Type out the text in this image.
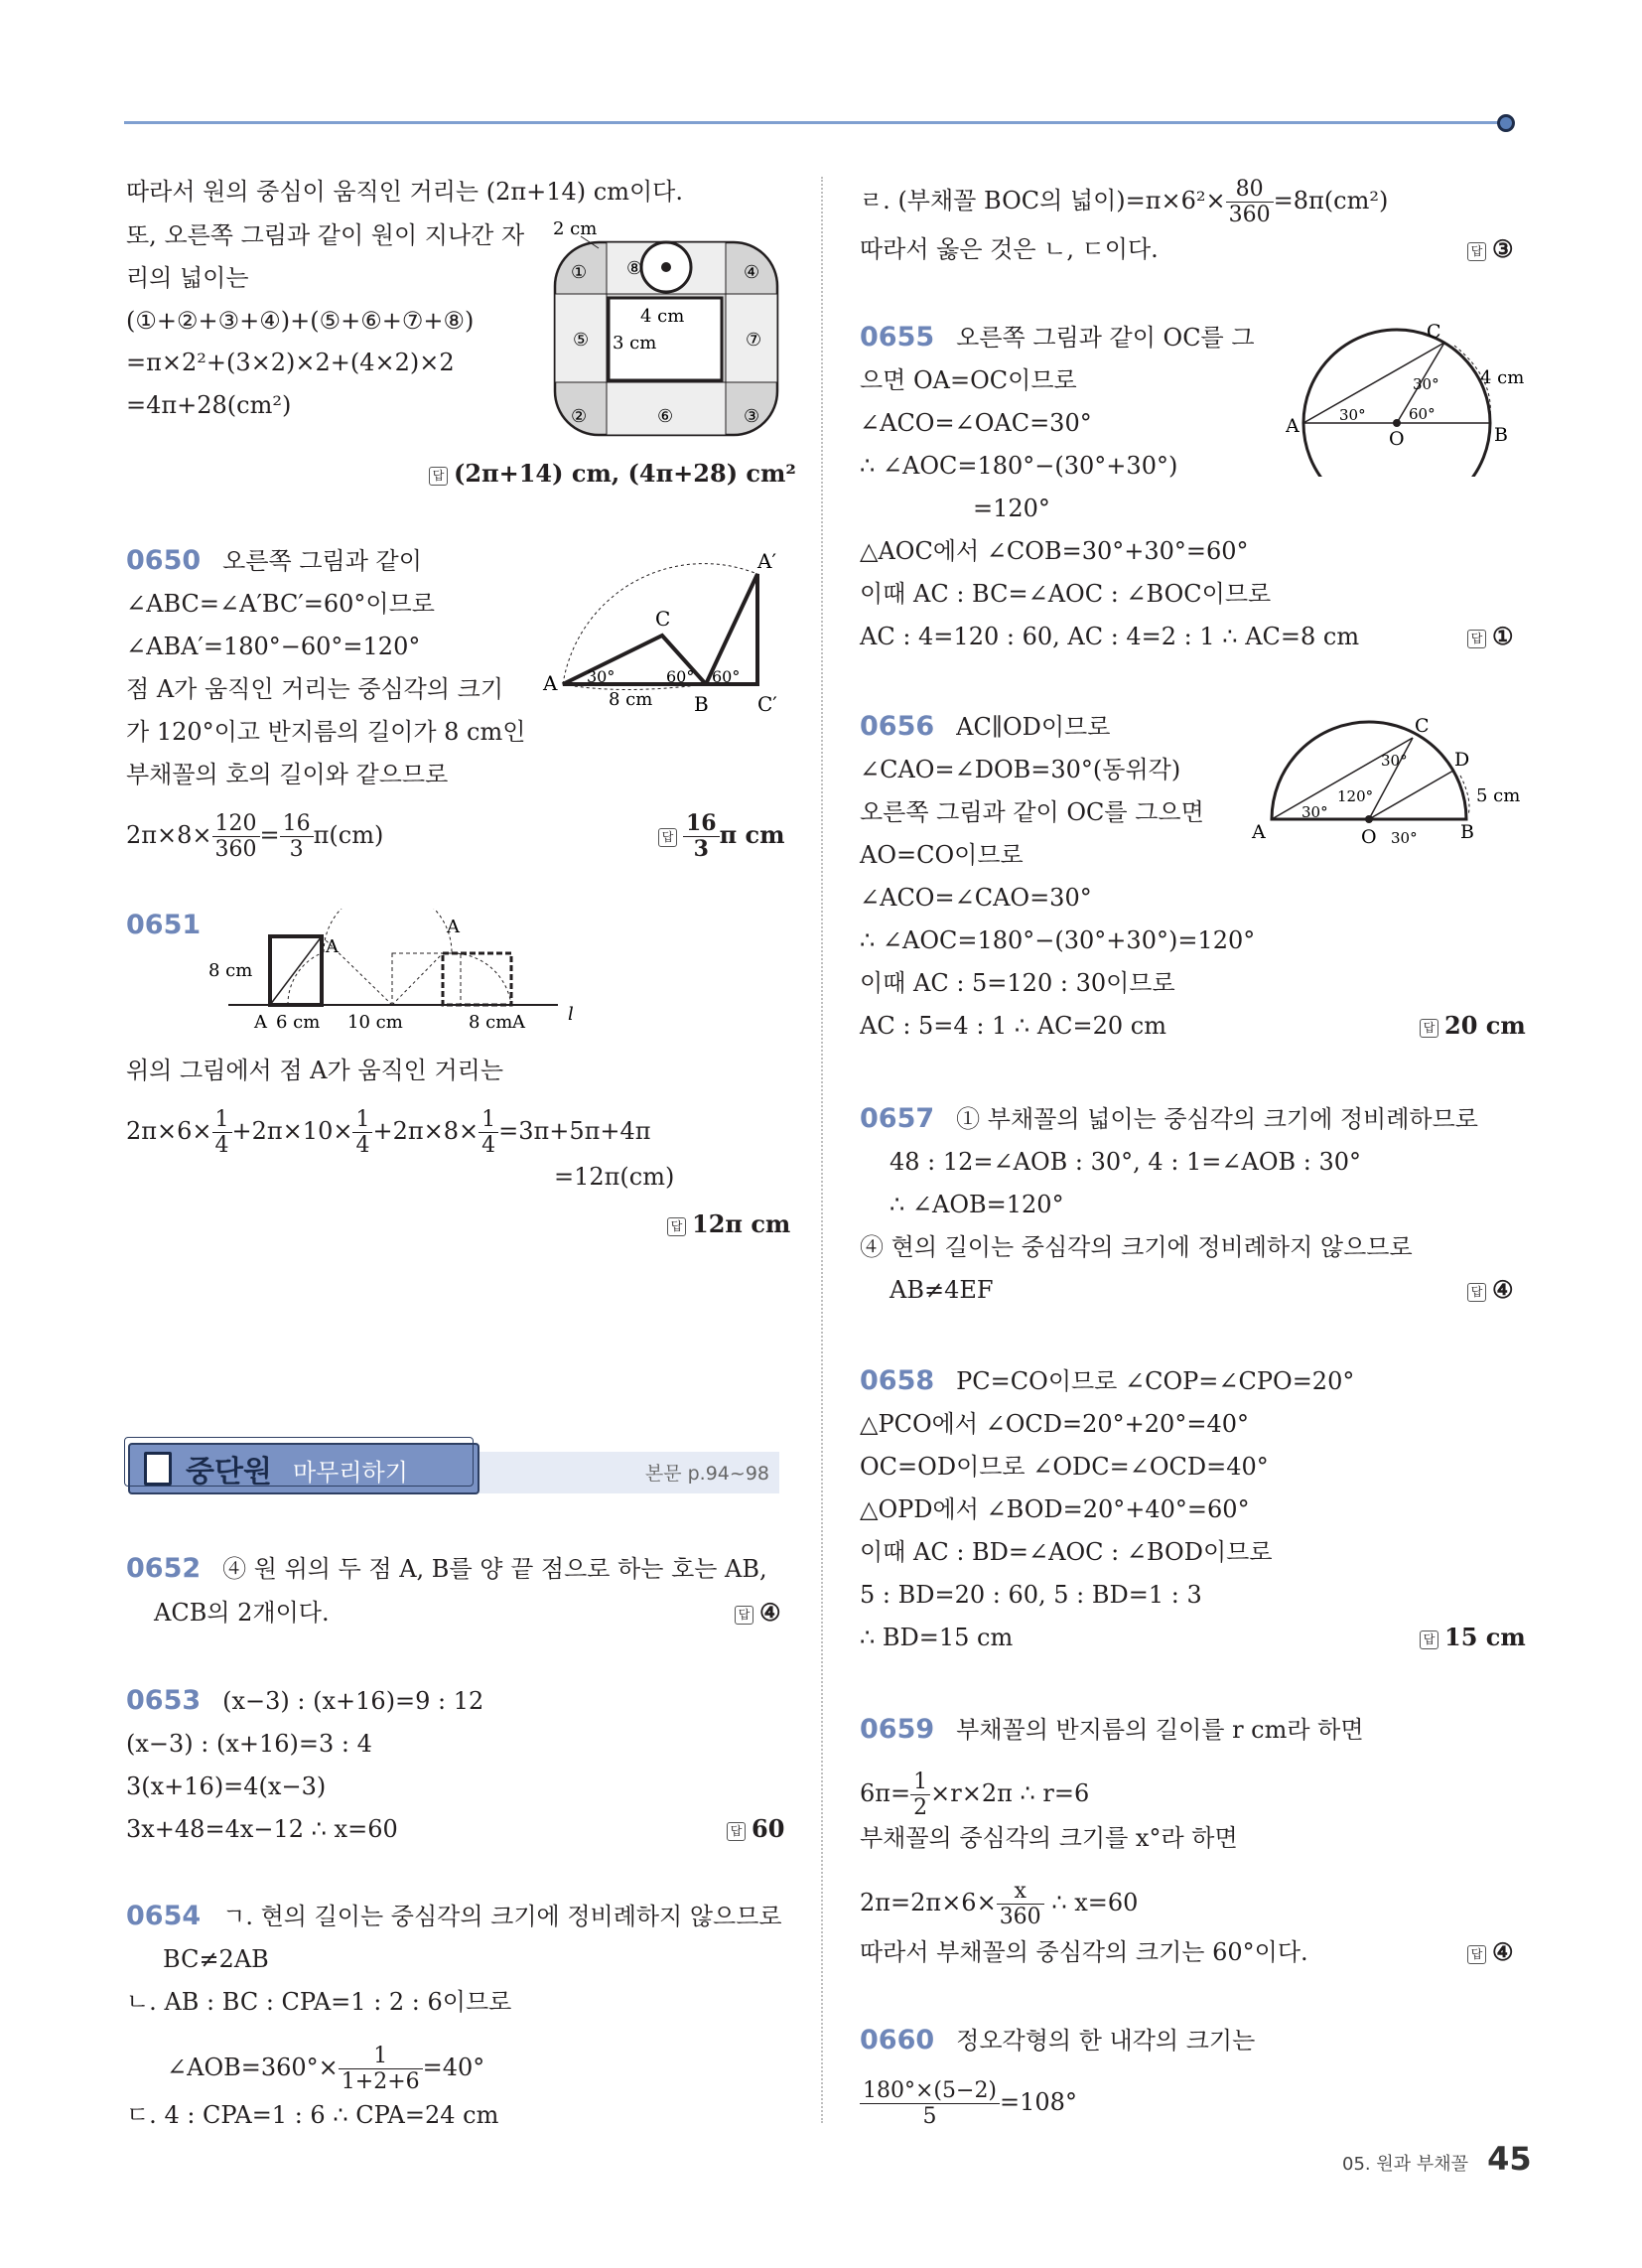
따라서 원의 중심이 움직인 거리는 (2π+14) cm이다.
또, 오른쪽 그림과 같이 원이 지나간 자
리의 넓이는
(①+②+③+④)+(⑤+⑥+⑦+⑧)
=π×2²+(3×2)×2+(4×2)×2
=4π+28(cm²)
답 (2π+14) cm, (4π+28) cm²
2 cm
①
②	③
④
⑤
⑥
⑦
⑧
4 cm
3 cm
0650 오른쪽 그림과 같이
∠ABC=∠A′BC′=60°이므로
∠ABA′=180°−60°=120°
점 A가 움직인 거리는 중심각의 크기
가 120°이고 반지름의 길이가 8 cm인
부채꼴의 호의 길이와 같으므로
$2\pi\times 8\times \frac{120}{360} = \frac{16}{3} \pi(cm)$	답 $\frac{16}{3}$ π cm
A
C
B
A′
C′
30°	60° 60°
8 cm
0651
8 cm
A
A
A
A	l
6 cm 10 cm	8 cm
위의 그림에서 점 A가 움직인 거리는
$2\pi\times 6\times \frac{1}{4} +2\pi\times 10\times \frac{1}{4} +2\pi\times 8\times \frac{1}{4} =3\pi+5\pi+4\pi$
=12π(cm)
답 12π cm
중단원 마무리하기	본문 p.94~98
0652 ④ 원 위의 두 점 A, B를 양 끝 점으로 하는 호는 AB,
ACB의 2개이다.	답 ④
0653 (x−3) : (x+16)=9 : 12
(x−3) : (x+16)=3 : 4
3(x+16)=4(x−3)
3x+48=4x−12 ∴ x=60	답 60
0654 ㄱ. 현의 길이는 중심각의 크기에 정비례하지 않으므로
BC≠2AB
ㄴ. AB : BC : CPA=1 : 2 : 6이므로
∠AOB=360°× $\frac{1}{1+2+6} =40^\circ$
ㄷ. 4 : CPA=1 : 6 ∴ CPA=24 cm
ㄹ. (부채꼴 BOC의 넓이)$=\pi\times 6^2\times \frac{80}{360} =8\pi(cm^2)$
따라서 옳은 것은 ㄴ, ㄷ이다.	답 ③
0655 오른쪽 그림과 같이 OC를 그
으면 OA=OC이므로
∠ACO=∠OAC=30°
∴ ∠AOC=180°−(30°+30°)
=120°
△AOC에서 ∠COB=30°+30°=60°
이때 AC : BC=∠AOC : ∠BOC이므로
AC : 4=120 : 60, AC : 4=2 : 1 ∴ AC=8 cm	답 ①
A	B
C
O
30°
30°
60°
4 cm
0656 AC∥OD이므로
∠CAO=∠DOB=30°(동위각)
오른쪽 그림과 같이 OC를 그으면
AO=CO이므로
∠ACO=∠CAO=30°
∴ ∠AOC=180°−(30°+30°)=120°
이때 AC : 5=120 : 30이므로
AC : 5=4 : 1 ∴ AC=20 cm	답 20 cm
A	B
C
D
O
30°
30°
120°
30°
5 cm
0657 ① 부채꼴의 넓이는 중심각의 크기에 정비례하므로
48 : 12=∠AOB : 30°, 4 : 1=∠AOB : 30°
∴ ∠AOB=120°
④ 현의 길이는 중심각의 크기에 정비례하지 않으므로
AB≠4EF	답 ④
0658 PC=CO이므로 ∠COP=∠CPO=20°
△PCO에서 ∠OCD=20°+20°=40°
OC=OD이므로 ∠ODC=∠OCD=40°
△OPD에서 ∠BOD=20°+40°=60°
이때 AC : BD=∠AOC : ∠BOD이므로
5 : BD=20 : 60, 5 : BD=1 : 3
∴ BD=15 cm	답 15 cm
0659 부채꼴의 반지름의 길이를 r cm라 하면
$6\pi= \frac{1}{2} \times r\times 2\pi$ ∴ r=6
부채꼴의 중심각의 크기를 x°라 하면
$2\pi=2\pi\times 6\times \frac{x}{360}$ ∴ x=60
따라서 부채꼴의 중심각의 크기는 60°이다.	답 ④
0660 정오각형의 한 내각의 크기는
$\frac{180^\circ\times(5-2)}{5} =108^\circ$
05. 원과 부채꼴 45
